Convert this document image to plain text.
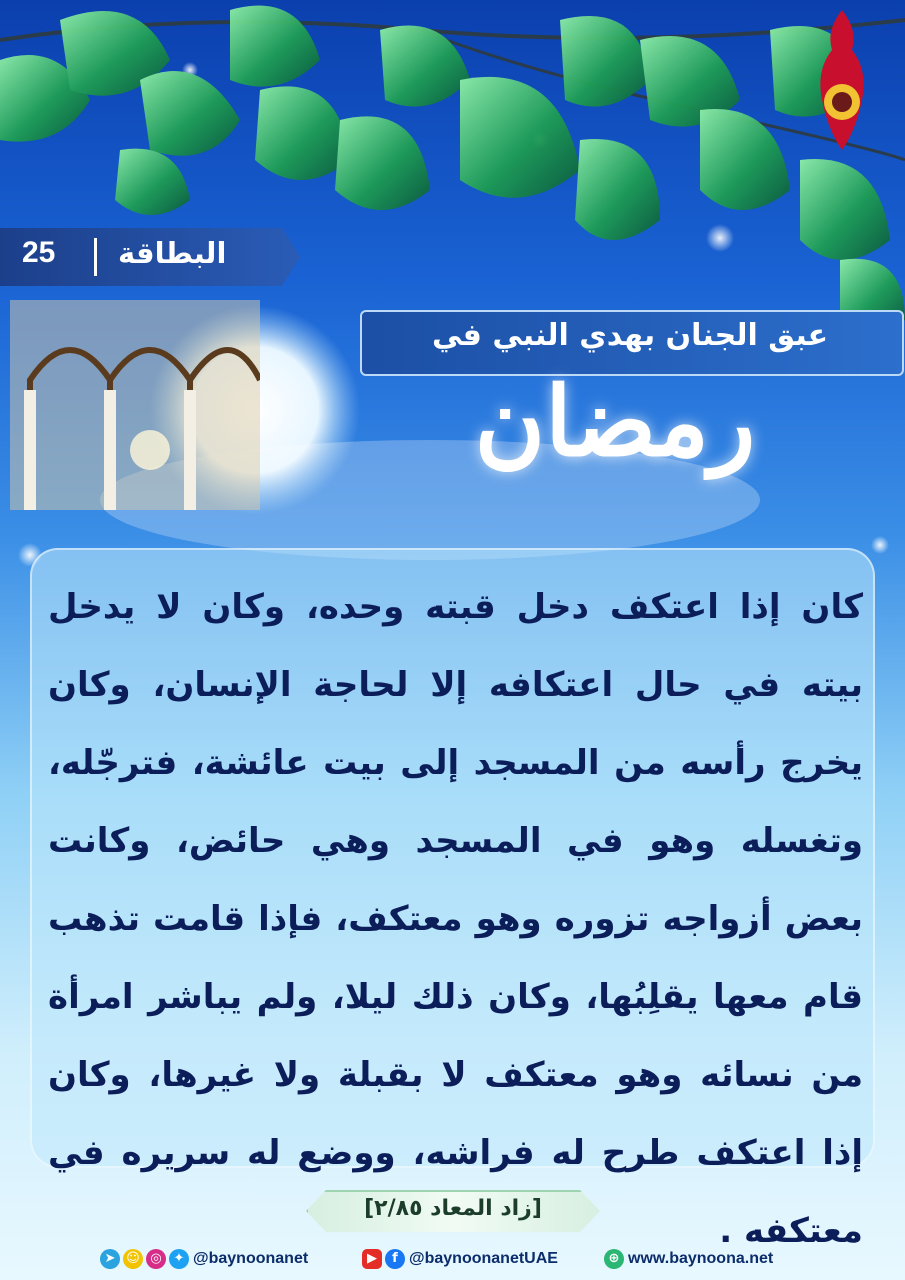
25 البطاقة
عبق الجنان بهدي النبي في
رمضان
كان إذا اعتكف دخل قبته وحده، وكان لا يدخل بيته في حال اعتكافه إلا لحاجة الإنسان، وكان يخرج رأسه من المسجد إلى بيت عائشة، فترجّله، وتغسله وهو في المسجد وهي حائض، وكانت بعض أزواجه تزوره وهو معتكف، فإذا قامت تذهب قام معها يقلِبُها، وكان ذلك ليلا، ولم يباشر امرأة من نسائه وهو معتكف لا بقبلة ولا غيرها، وكان إذا اعتكف طرح له فراشه، ووضع له سريره في معتكفه .
[زاد المعاد ٢/٨٥]
➤ ☺ ◎ ✦ @baynoonanet	▶	f @baynoonanetUAE	⊕ www.baynoona.net
